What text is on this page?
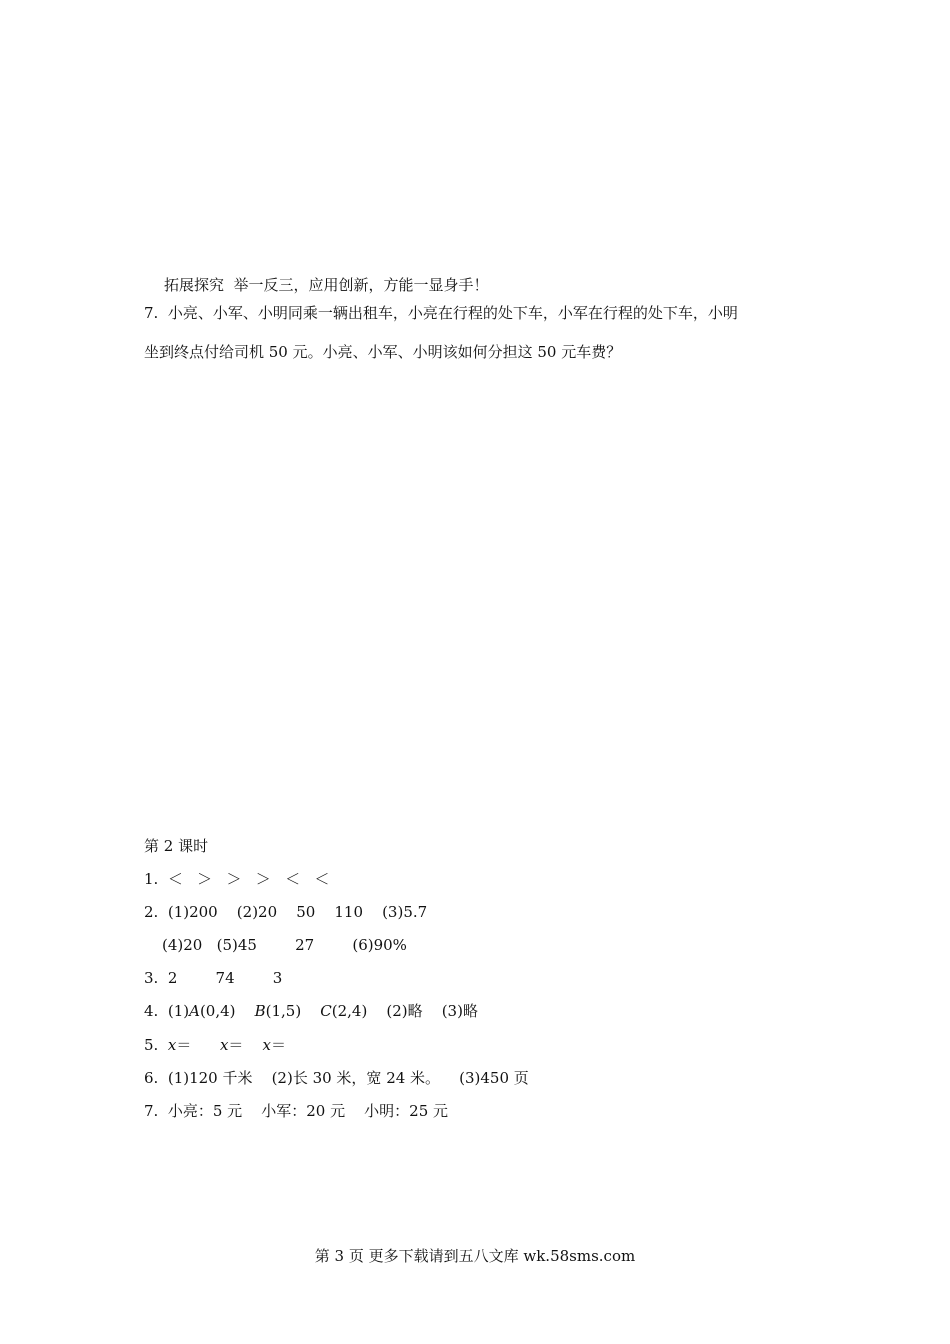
拓展探究  举一反三，应用创新，方能一显身手！
7.  小亮、小军、小明同乘一辆出租车，小亮在行程的处下车，小军在行程的处下车，小明
坐到终点付给司机 50 元。小亮、小军、小明该如何分担这 50 元车费？
第 2 课时
1.  ＜   ＞   ＞   ＞   ＜   ＜
2.  (1)200    (2)20    50    110    (3)5.7
(4)20   (5)45        27        (6)90%
3.  2        74        3
4.  (1)A(0,4)    B(1,5)    C(2,4)    (2)略    (3)略
5.  x＝      x＝    x＝
6.  (1)120 千米    (2)长 30 米，宽 24 米。    (3)450 页
7.  小亮：5 元    小军：20 元    小明：25 元
第 3 页 更多下载请到五八文库 wk.58sms.com
